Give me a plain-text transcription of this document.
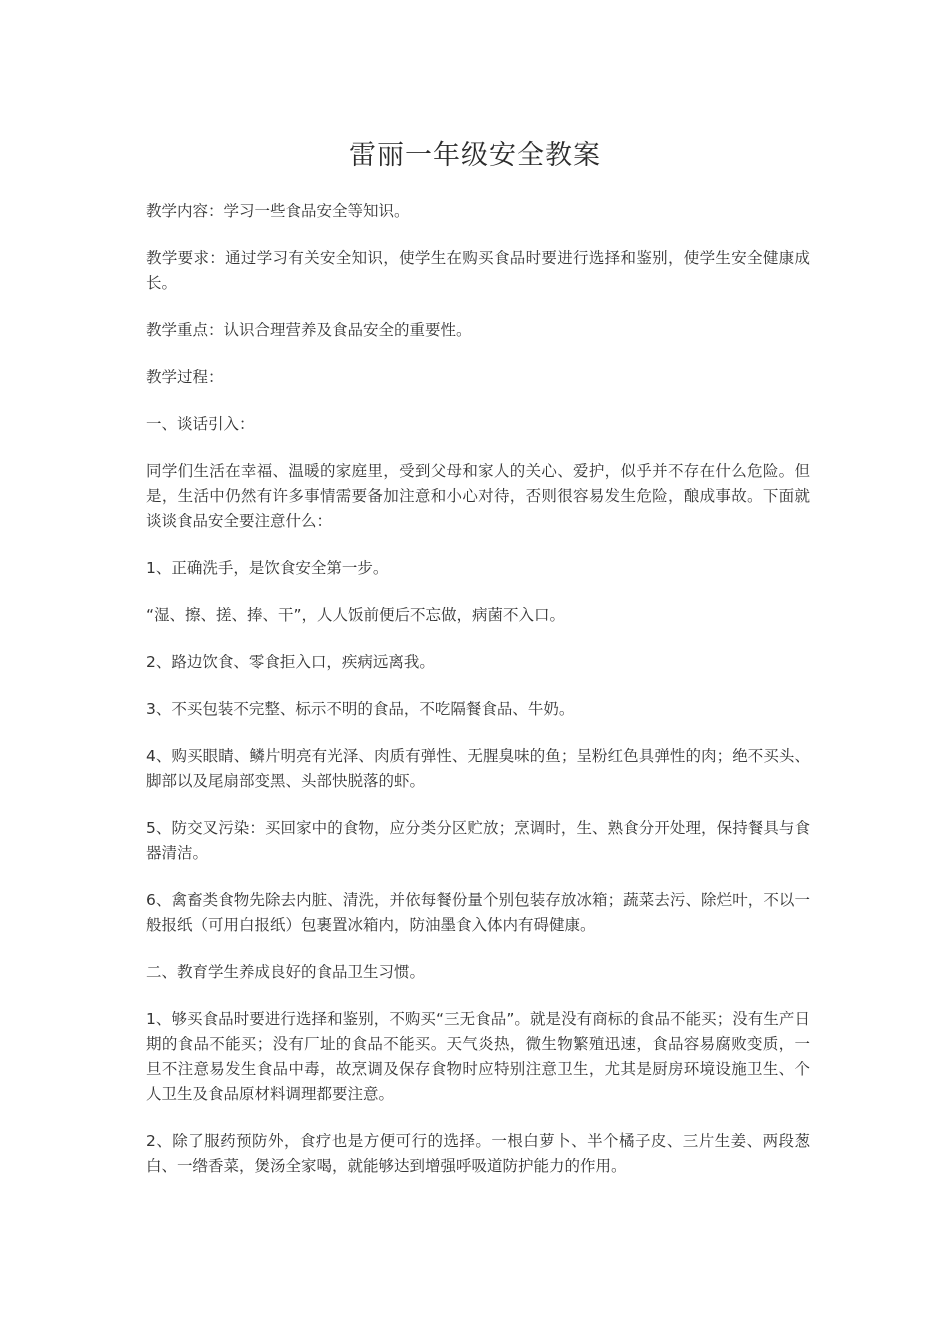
雷丽一年级安全教案

教学内容：学习一些食品安全等知识。

教学要求：通过学习有关安全知识，使学生在购买食品时要进行选择和鉴别，使学生安全健康成长。

教学重点：认识合理营养及食品安全的重要性。

教学过程：

一、谈话引入：

同学们生活在幸福、温暖的家庭里，受到父母和家人的关心、爱护，似乎并不存在什么危险。但是，生活中仍然有许多事情需要备加注意和小心对待，否则很容易发生危险，酿成事故。下面就谈谈食品安全要注意什么：

1、正确洗手，是饮食安全第一步。

“湿、擦、搓、捧、干”，人人饭前便后不忘做，病菌不入口。

2、路边饮食、零食拒入口，疾病远离我。

3、不买包装不完整、标示不明的食品，不吃隔餐食品、牛奶。

4、购买眼睛、鳞片明亮有光泽、肉质有弹性、无腥臭味的鱼；呈粉红色具弹性的肉；绝不买头、脚部以及尾扇部变黑、头部快脱落的虾。

5、防交叉污染：买回家中的食物，应分类分区贮放；烹调时，生、熟食分开处理，保持餐具与食器清洁。

6、禽畜类食物先除去内脏、清洗，并依每餐份量个别包装存放冰箱；蔬菜去污、除烂叶，不以一般报纸（可用白报纸）包裹置冰箱内，防油墨食入体内有碍健康。

二、教育学生养成良好的食品卫生习惯。

1、够买食品时要进行选择和鉴别，不购买“三无食品”。就是没有商标的食品不能买；没有生产日期的食品不能买；没有厂址的食品不能买。天气炎热，微生物繁殖迅速，食品容易腐败变质，一旦不注意易发生食品中毒，故烹调及保存食物时应特别注意卫生，尤其是厨房环境设施卫生、个人卫生及食品原材料调理都要注意。

2、除了服药预防外，食疗也是方便可行的选择。一根白萝卜、半个橘子皮、三片生姜、两段葱白、一绺香菜，煲汤全家喝，就能够达到增强呼吸道防护能力的作用。
